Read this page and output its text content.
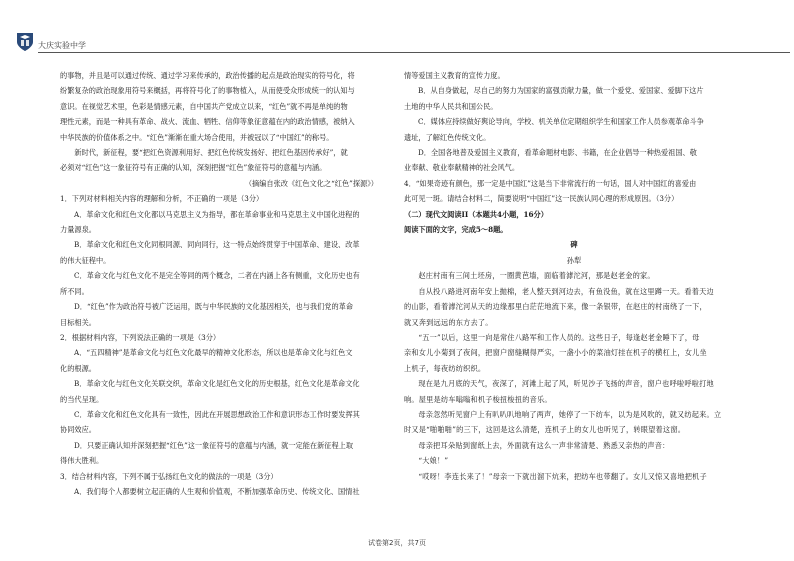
大庆实验中学

的事物，并且是可以通过传统、通过学习来传承的，政治传播的起点是政治现实的符号化，将

纷繁复杂的政治现象用符号来概括，再将符号化了的事物植入，从而使受众形成统一的认知与

意识。在视觉艺术里，色彩是情感元素，自中国共产党成立以来，“红色”就不再是单纯的物

理性元素，而是一种具有革命、战火、流血、牺牲、信仰等象征意蕴在内的政治情感，被纳入

中华民族的价值体系之中。“红色”渐渐在重大场合使用，并被冠以了“中国红”的称号。

新时代，新征程，要“把红色资源利用好、把红色传统发扬好、把红色基因传承好”，就

必须对“红色”这一象征符号有正确的认知，深刻把握“红色”象征符号的意蕴与内涵。

（摘编自张改《红色文化之“红色”探源》）

1．下列对材料相关内容的理解和分析，不正确的一项是（3分）

A．革命文化和红色文化都以马克思主义为指导，都在革命事业和马克思主义中国化进程的

力量源泉。

B．革命文化和红色文化同根同源、同向同行，这一特点始终贯穿于中国革命、建设、改革

的伟大征程中。

C．革命文化与红色文化不是完全等同的两个概念，二者在内涵上各有侧重，文化历史也有

所不同。

D．“红色”作为政治符号被广泛运用，既与中华民族的文化基因相关，也与我们党的革命

目标相关。

2．根据材料内容，下列说法正确的一项是（3分）

A．“五四精神”是革命文化与红色文化最早的精神文化形态，所以也是革命文化与红色文

化的根源。

B．革命文化与红色文化关联交织，革命文化是红色文化的历史根基，红色文化是革命文化

的当代呈现。

C．革命文化和红色文化具有一致性，因此在开展思想政治工作和意识形态工作时要发挥其

协同效应。

D．只要正确认知并深刻把握“红色”这一象征符号的意蕴与内涵，就一定能在新征程上取

得伟大胜利。

3．结合材料内容，下列不属于弘扬红色文化的做法的一项是（3分）

A．我们每个人都要树立起正确的人生观和价值观，不断加强革命历史、传统文化、国情社

情等爱国主义教育的宣传力度。

B．从自身做起，尽自己的努力为国家的富强贡献力量，做一个爱党、爱国家、爱脚下这片

土地的中华人民共和国公民。

C．媒体应持续做好舆论导向，学校、机关单位定期组织学生和国家工作人员参观革命斗争

遗址，了解红色传统文化。

D．全国各地普及爱国主义教育，看革命题材电影、书籍，在企业倡导一种热爱祖国、敬

业奉献、敬业奉献精神的社会风气。

4．“如果奇迹有颜色，那一定是中国红”这是当下非常流行的一句话，国人对中国红的喜爱由

此可见一斑。请结合材料二，简要说明“中国红”这一民族认同心理的形成原因。（3分）

（二）现代文阅读II（本题共4小题，16分）

阅读下面的文字，完成5～8题。

碑

孙犁

赵庄村南有三间土坯房，一圈黄芭墙，面临着滹沱河，那是赵老金的家。

自从投八路进河南年安上抛棉，老人整天到河边去，有鱼没鱼，就在这里蹲一天。看着天边

的山影，看着滹沱河从天的边缘那里白茫茫地流下来，像一条银带，在赵庄的村南绕了一下，

就又奔到远远的东方去了。

“五一”以后，这里一向是常住八路军和工作人员的。这些日子，每逢赵老金睡下了，母

亲和女儿小菊到了夜间，把窗户窗缝糊得严实，一盏小小的菜油灯挂在机子的横杠上，女儿坐

上机子，每夜纺纺织织。

现在是九月底的天气，夜深了，河滩上起了风，听见沙子飞扬的声音，窗户也呼啦呼啦打地

响。屋里是纺车嗡嗡和机子梭扭梭扭的音乐。

母亲忽然听见窗户上有叭叭叭地响了两声，她停了一下纺车，以为是风吹的，就又纺起来。立

时又是“啪啪啪”的三下，这回是这么清楚，连机子上的女儿也听见了，转眼望着这窗。

母亲把耳朵贴到窗纸上去，外面就有这么一声非常清楚、熟悉又亲热的声音：

“大娘！”

“哎呀！李连长来了！”母亲一下就出溜下炕来，把纺车也带翻了。女儿又惊又喜地把机子

试卷第2页，共7页
